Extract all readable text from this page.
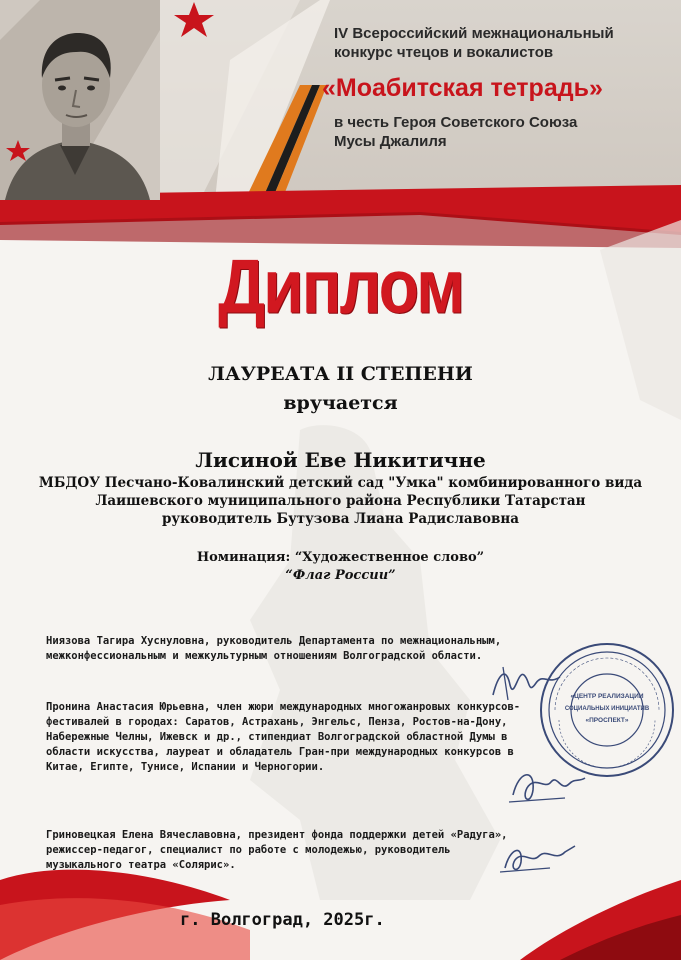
IV Всероссийский межнациональный
конкурс чтецов и вокалистов
«Моабитская тетрадь»
в честь Героя Советского Союза
Мусы Джалиля
Диплом
ЛАУРЕАТА II СТЕПЕНИ
вручается
Лисиной Еве Никитичне
МБДОУ Песчано-Ковалинский детский сад "Умка" комбинированного вида
Лаишевского муниципального района Республики Татарстан
руководитель Бутузова Лиана Радиславовна
Номинация: “Художественное слово”
“Флаг России”
Ниязова Тагира Хуснуловна, руководитель Департамента по межнациональным, межконфессиональным и межкультурным отношениям Волгоградской области.
Пронина Анастасия Юрьевна, член жюри международных многожанровых конкурсов-фестивалей в городах: Саратов, Астрахань, Энгельс, Пенза, Ростов-на-Дону, Набережные Челны, Ижевск и др., стипендиат Волгоградской областной Думы в области искусства, лауреат и обладатель Гран-при международных конкурсов в Китае, Египте, Тунисе, Испании и Черногории.
Гриновецкая Елена Вячеславовна, президент фонда поддержки детей «Радуга», режиссер-педагог, специалист по работе с молодежью, руководитель музыкального театра «Солярис».
«ЦЕНТР РЕАЛИЗАЦИИ
СОЦИАЛЬНЫХ ИНИЦИАТИВ
«ПРОСПЕКТ»
г. Волгоград, 2025г.
